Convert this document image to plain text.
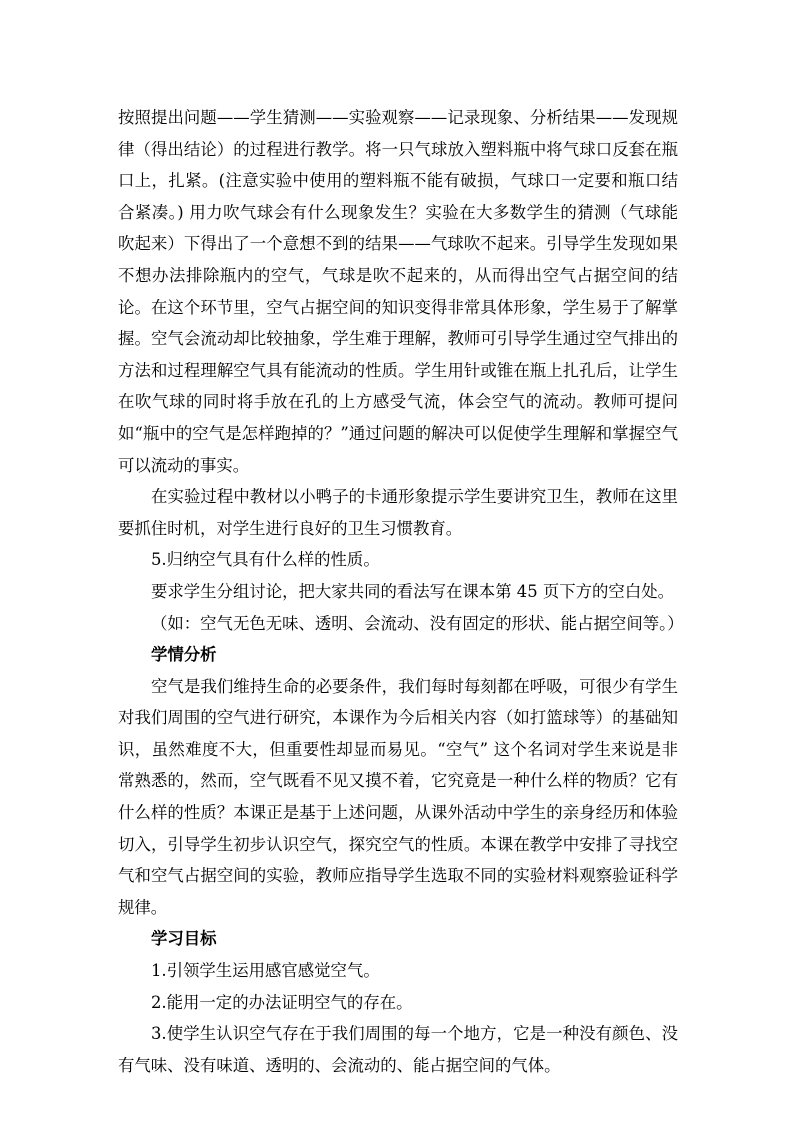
按照提出问题——学生猜测——实验观察——记录现象、分析结果——发现规律（得出结论）的过程进行教学。将一只气球放入塑料瓶中将气球口反套在瓶口上，扎紧。(注意实验中使用的塑料瓶不能有破损，气球口一定要和瓶口结合紧凑。) 用力吹气球会有什么现象发生？实验在大多数学生的猜测（气球能吹起来）下得出了一个意想不到的结果——气球吹不起来。引导学生发现如果不想办法排除瓶内的空气，气球是吹不起来的，从而得出空气占据空间的结论。在这个环节里，空气占据空间的知识变得非常具体形象，学生易于了解掌握。空气会流动却比较抽象，学生难于理解，教师可引导学生通过空气排出的方法和过程理解空气具有能流动的性质。学生用针或锥在瓶上扎孔后，让学生在吹气球的同时将手放在孔的上方感受气流，体会空气的流动。教师可提问如“瓶中的空气是怎样跑掉的？”通过问题的解决可以促使学生理解和掌握空气可以流动的事实。

在实验过程中教材以小鸭子的卡通形象提示学生要讲究卫生，教师在这里要抓住时机，对学生进行良好的卫生习惯教育。

5.归纳空气具有什么样的性质。

要求学生分组讨论，把大家共同的看法写在课本第 45 页下方的空白处。

（如：空气无色无味、透明、会流动、没有固定的形状、能占据空间等。）

学情分析

空气是我们维持生命的必要条件，我们每时每刻都在呼吸，可很少有学生对我们周围的空气进行研究，本课作为今后相关内容（如打篮球等）的基础知识，虽然难度不大，但重要性却显而易见。“空气” 这个名词对学生来说是非常熟悉的，然而，空气既看不见又摸不着，它究竟是一种什么样的物质？它有什么样的性质？本课正是基于上述问题，从课外活动中学生的亲身经历和体验切入，引导学生初步认识空气，探究空气的性质。本课在教学中安排了寻找空气和空气占据空间的实验，教师应指导学生选取不同的实验材料观察验证科学规律。

学习目标

1.引领学生运用感官感觉空气。

2.能用一定的办法证明空气的存在。

3.使学生认识空气存在于我们周围的每一个地方，它是一种没有颜色、没有气味、没有味道、透明的、会流动的、能占据空间的气体。
